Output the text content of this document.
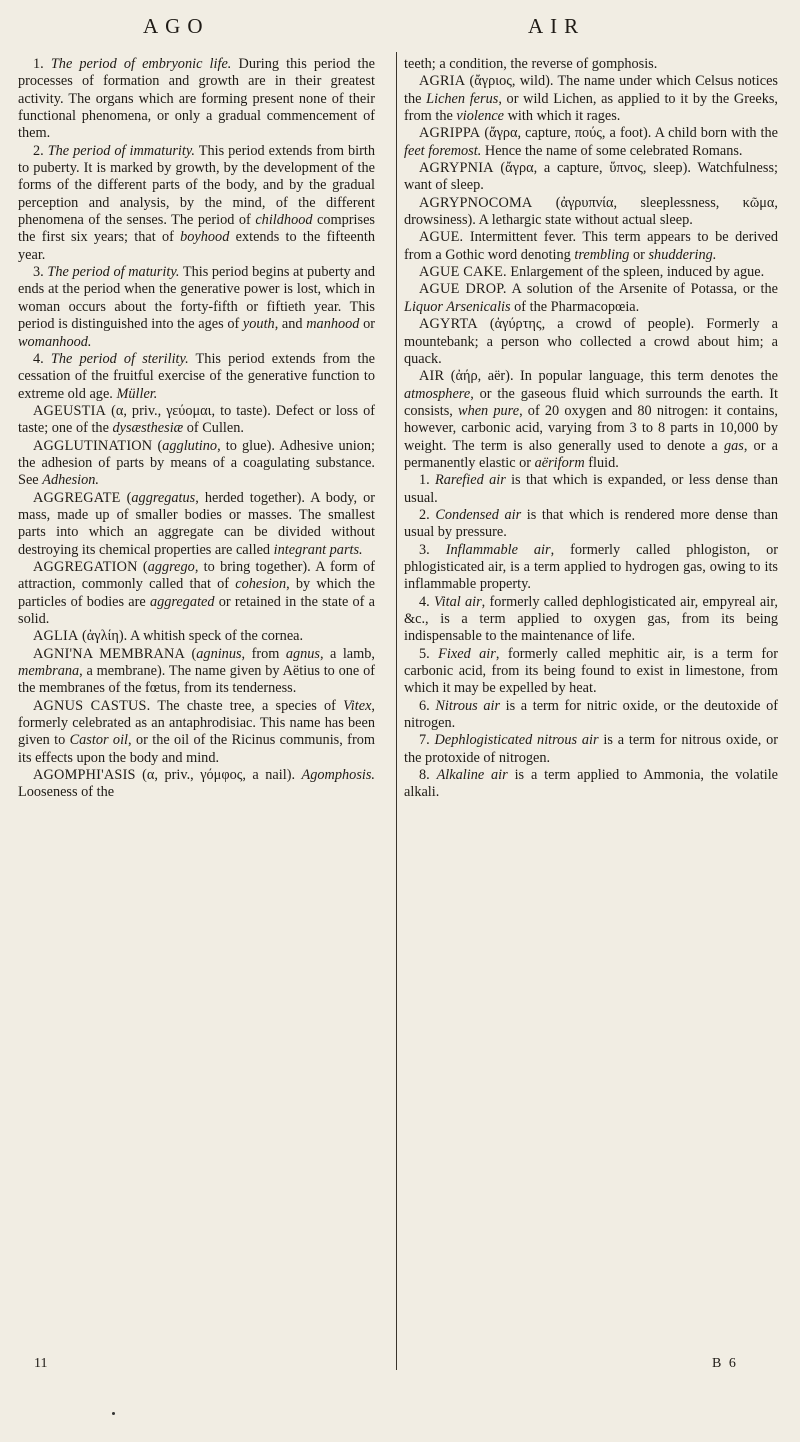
AGO	AIR

1. The period of embryonic life. During this period the processes of formation and growth are in their greatest activity. The organs which are forming present none of their functional phenomena, or only a gradual commencement of them.

2. The period of immaturity. This period extends from birth to puberty. It is marked by growth, by the development of the forms of the different parts of the body, and by the gradual perception and analysis, by the mind, of the different phenomena of the senses. The period of childhood comprises the first six years; that of boyhood extends to the fifteenth year.

3. The period of maturity. This period begins at puberty and ends at the period when the generative power is lost, which in woman occurs about the forty-fifth or fiftieth year. This period is distinguished into the ages of youth, and manhood or womanhood.

4. The period of sterility. This period extends from the cessation of the fruitful exercise of the generative function to extreme old age. Müller.

AGEUSTIA (α, priv., γεύομαι, to taste). Defect or loss of taste; one of the dysæsthesiæ of Cullen.

AGGLUTINATION (agglutino, to glue). Adhesive union; the adhesion of parts by means of a coagulating substance. See Adhesion.

AGGREGATE (aggregatus, herded together). A body, or mass, made up of smaller bodies or masses. The smallest parts into which an aggregate can be divided without destroying its chemical properties are called integrant parts.

AGGREGATION (aggrego, to bring together). A form of attraction, commonly called that of cohesion, by which the particles of bodies are aggregated or retained in the state of a solid.

AGLIA (ἀγλίη). A whitish speck of the cornea.

AGNI'NA MEMBRANA (agninus, from agnus, a lamb, membrana, a membrane). The name given by Aëtius to one of the membranes of the fœtus, from its tenderness.

AGNUS CASTUS. The chaste tree, a species of Vitex, formerly celebrated as an antaphrodisiac. This name has been given to Castor oil, or the oil of the Ricinus communis, from its effects upon the body and mind.

AGOMPHI'ASIS (α, priv., γόμφος, a nail). Agomphosis. Looseness of the

teeth; a condition, the reverse of gomphosis.

AGRIA (ἄγριος, wild). The name under which Celsus notices the Lichen ferus, or wild Lichen, as applied to it by the Greeks, from the violence with which it rages.

AGRIPPA (ἄγρα, capture, πούς, a foot). A child born with the feet foremost. Hence the name of some celebrated Romans.

AGRYPNIA (ἄγρα, a capture, ὕπνος, sleep). Watchfulness; want of sleep.

AGRYPNOCOMA (ἀγρυπνία, sleeplessness, κῶμα, drowsiness). A lethargic state without actual sleep.

AGUE. Intermittent fever. This term appears to be derived from a Gothic word denoting trembling or shuddering.

AGUE CAKE. Enlargement of the spleen, induced by ague.

AGUE DROP. A solution of the Arsenite of Potassa, or the Liquor Arsenicalis of the Pharmacopœia.

AGYRTA (ἀγύρτης, a crowd of people). Formerly a mountebank; a person who collected a crowd about him; a quack.

AIR (ἀήρ, aër). In popular language, this term denotes the atmosphere, or the gaseous fluid which surrounds the earth. It consists, when pure, of 20 oxygen and 80 nitrogen: it contains, however, carbonic acid, varying from 3 to 8 parts in 10,000 by weight. The term is also generally used to denote a gas, or a permanently elastic or aëriform fluid.

1. Rarefied air is that which is expanded, or less dense than usual.

2. Condensed air is that which is rendered more dense than usual by pressure.

3. Inflammable air, formerly called phlogiston, or phlogisticated air, is a term applied to hydrogen gas, owing to its inflammable property.

4. Vital air, formerly called dephlogisticated air, empyreal air, &c., is a term applied to oxygen gas, from its being indispensable to the maintenance of life.

5. Fixed air, formerly called mephitic air, is a term for carbonic acid, from its being found to exist in limestone, from which it may be expelled by heat.

6. Nitrous air is a term for nitric oxide, or the deutoxide of nitrogen.

7. Dephlogisticated nitrous air is a term for nitrous oxide, or the protoxide of nitrogen.

8. Alkaline air is a term applied to Ammonia, the volatile alkali.

11	B 6
